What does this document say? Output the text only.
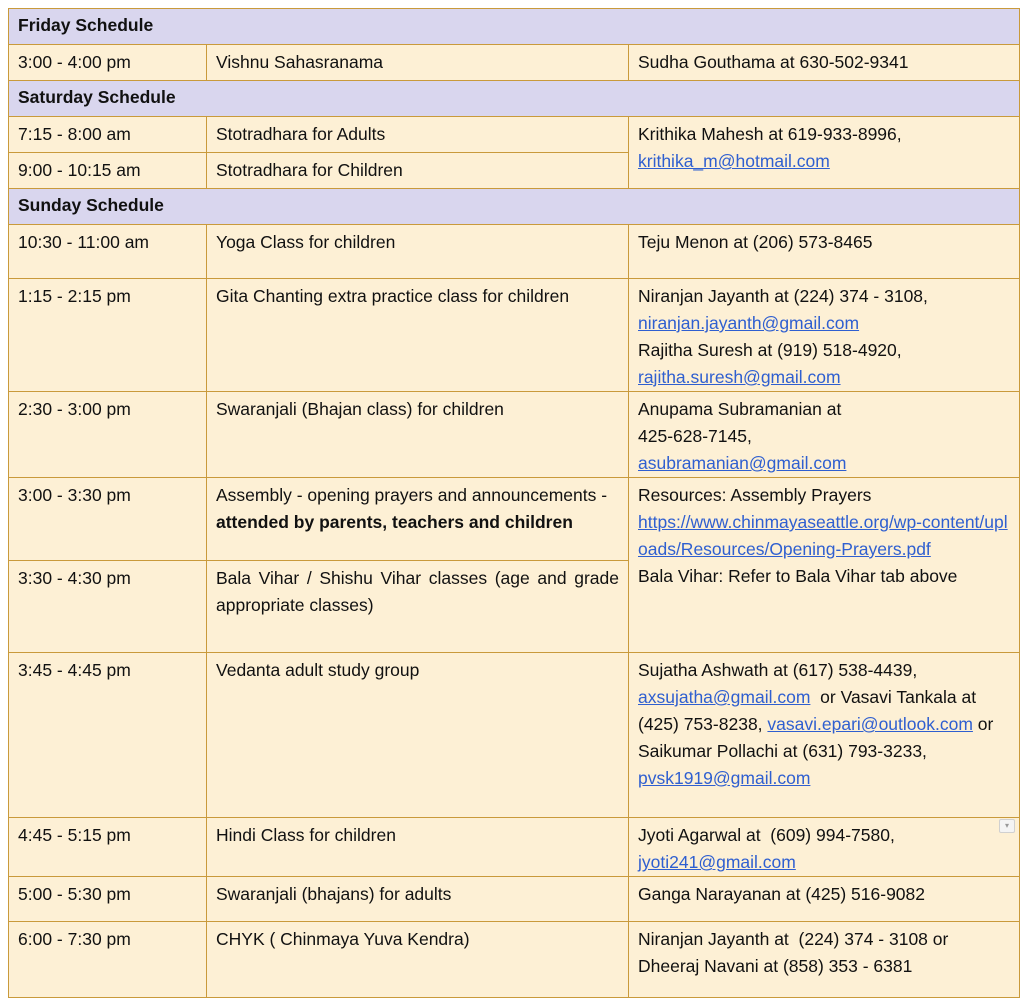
Friday Schedule		
3:00 - 4:00 pm	Vishnu Sahasranama	Sudha Gouthama at 630-502-9341
Saturday Schedule		
7:15 - 8:00 am	Stotradhara for Adults	Krithika Mahesh at 619-933-8996,
krithika_m@hotmail.com

9:00 - 10:15 am	Stotradhara for Children	
Sunday Schedule		
10:30 - 11:00 am	Yoga Class for children	Teju Menon at (206) 573-8465
1:15 - 2:15 pm	Gita Chanting extra practice class for children	Niranjan Jayanth at (224) 374 - 3108,
niranjan.jayanth@gmail.com
Rajitha Suresh at (919) 518-4920,
rajitha.suresh@gmail.com

2:30 - 3:00 pm	Swaranjali (Bhajan class) for children	Anupama Subramanian at
425-628-7145,
asubramanian@gmail.com

3:00 - 3:30 pm	Assembly - opening prayers and announcements - attended by parents, teachers and children	Resources: Assembly Prayers
https://www.chinmayaseattle.org/wp-content/uploads/Resources/Opening-Prayers.pdf
Bala Vihar: Refer to Bala Vihar tab above

3:30 - 4:30 pm	Bala Vihar / Shishu Vihar classes (age and grade appropriate classes)	
3:45 - 4:45 pm	Vedanta adult study group	Sujatha Ashwath at (617) 538-4439, axsujatha@gmail.com  or Vasavi Tankala at (425) 753-8238, vasavi.epari@outlook.com or Saikumar Pollachi at (631) 793-3233, pvsk1919@gmail.com
4:45 - 5:15 pm	Hindi Class for children	Jyoti Agarwal at  (609) 994-7580,
jyoti241@gmail.com

5:00 - 5:30 pm	Swaranjali (bhajans) for adults	Ganga Narayanan at (425) 516-9082
6:00 - 7:30 pm	CHYK ( Chinmaya Yuva Kendra)	Niranjan Jayanth at  (224) 374 - 3108 or
Dheeraj Navani at (858) 353 - 6381
▾
